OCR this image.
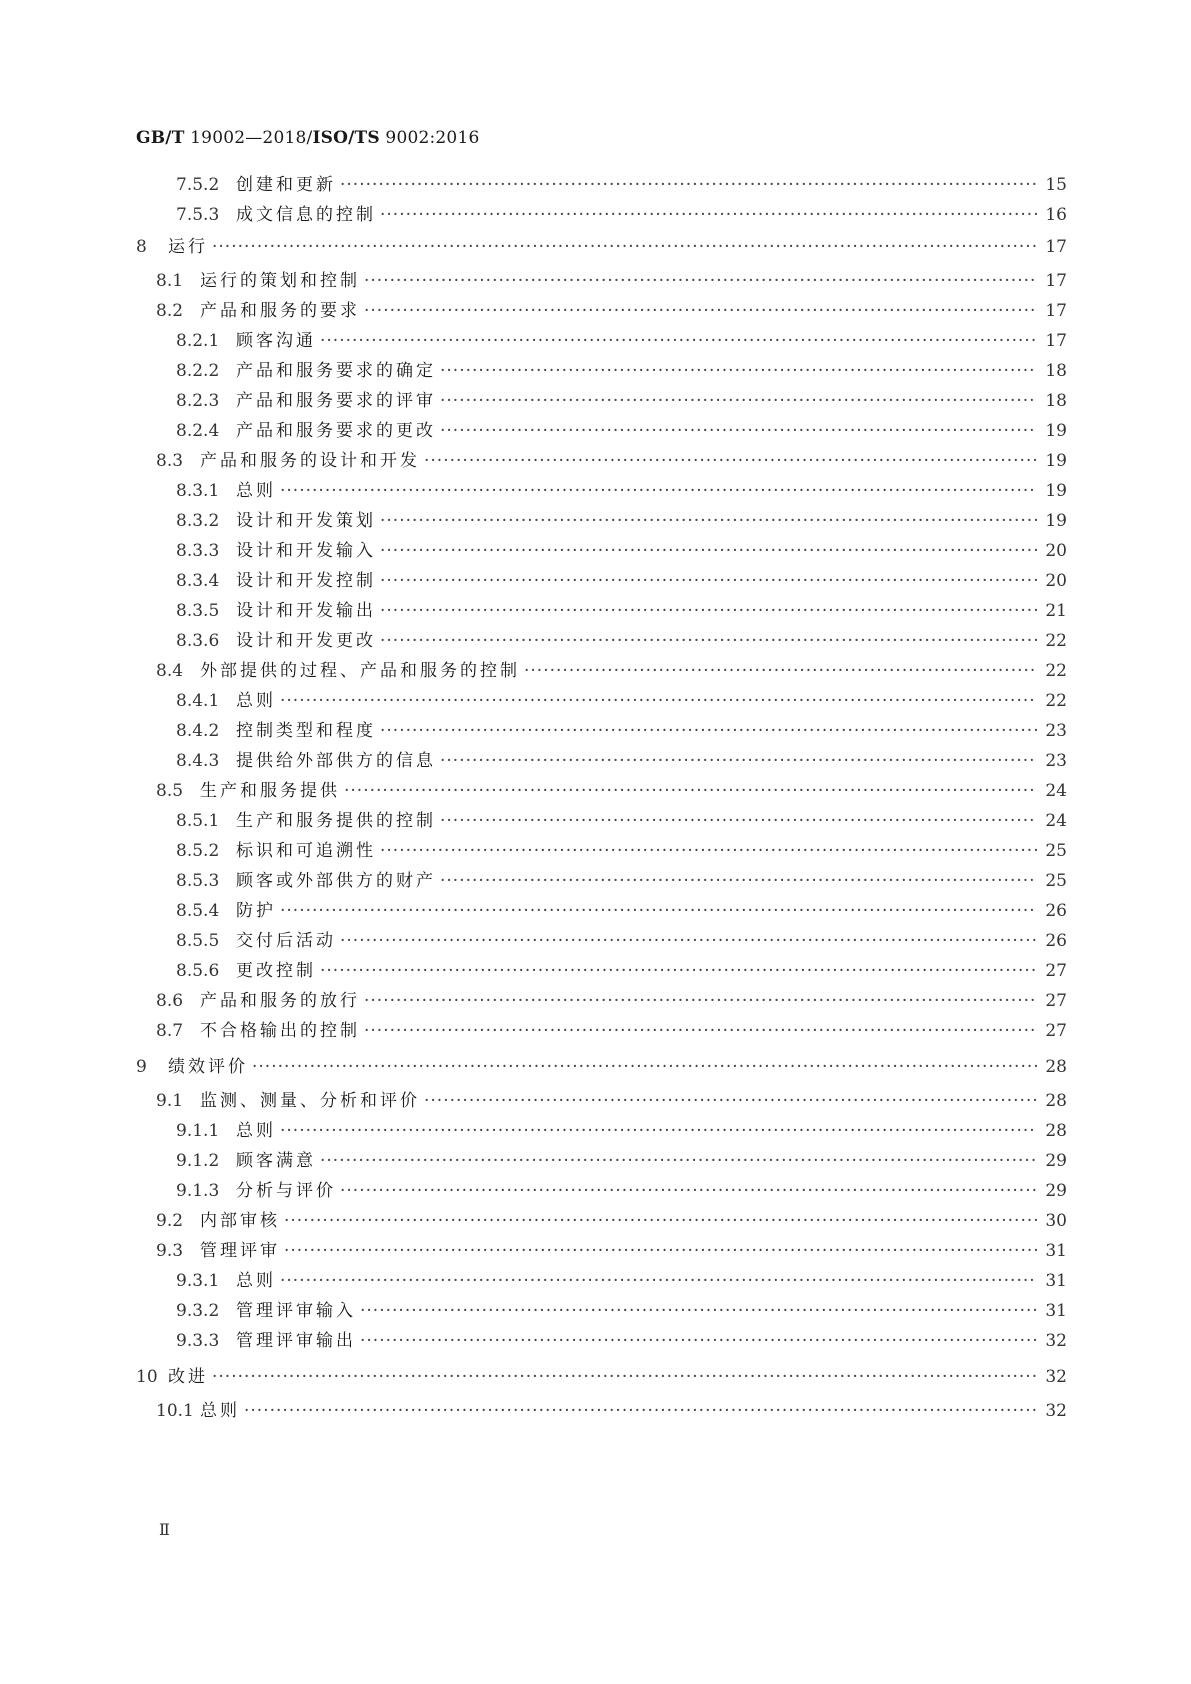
GB/T 19002—2018/ISO/TS 9002:2016
7.5.2 创建和更新 ·····	15
7.5.3 成文信息的控制 ·····	16
8	运行 ·····	17
8.1 运行的策划和控制 ·····	17
8.2 产品和服务的要求 ·····	17
8.2.1 顾客沟通 ·····	17
8.2.2 产品和服务要求的确定 ·····	18
8.2.3 产品和服务要求的评审 ·····	18
8.2.4 产品和服务要求的更改 ·····	19
8.3 产品和服务的设计和开发 ·····	19
8.3.1 总则 ·····	19
8.3.2 设计和开发策划 ·····	19
8.3.3 设计和开发输入 ·····	20
8.3.4 设计和开发控制 ·····	20
8.3.5 设计和开发输出 ·····	21
8.3.6 设计和开发更改 ·····	22
8.4 外部提供的过程、产品和服务的控制 ·····	22
8.4.1 总则 ·····	22
8.4.2 控制类型和程度 ·····	23
8.4.3 提供给外部供方的信息 ·····	23
8.5 生产和服务提供 ·····	24
8.5.1 生产和服务提供的控制 ·····	24
8.5.2 标识和可追溯性 ·····	25
8.5.3 顾客或外部供方的财产 ·····	25
8.5.4 防护 ·····	26
8.5.5 交付后活动 ·····	26
8.5.6 更改控制 ·····	27
8.6 产品和服务的放行 ·····	27
8.7 不合格输出的控制 ·····	27
9	绩效评价 ·····	28
9.1 监测、测量、分析和评价 ·····	28
9.1.1 总则 ·····	28
9.1.2 顾客满意 ·····	29
9.1.3 分析与评价 ·····	29
9.2 内部审核 ·····	30
9.3 管理评审 ·····	31
9.3.1 总则 ·····	31
9.3.2 管理评审输入 ·····	31
9.3.3 管理评审输出 ·····	32
10 改进 ·····	32
10.1 总则 ·····	32
Ⅱ
